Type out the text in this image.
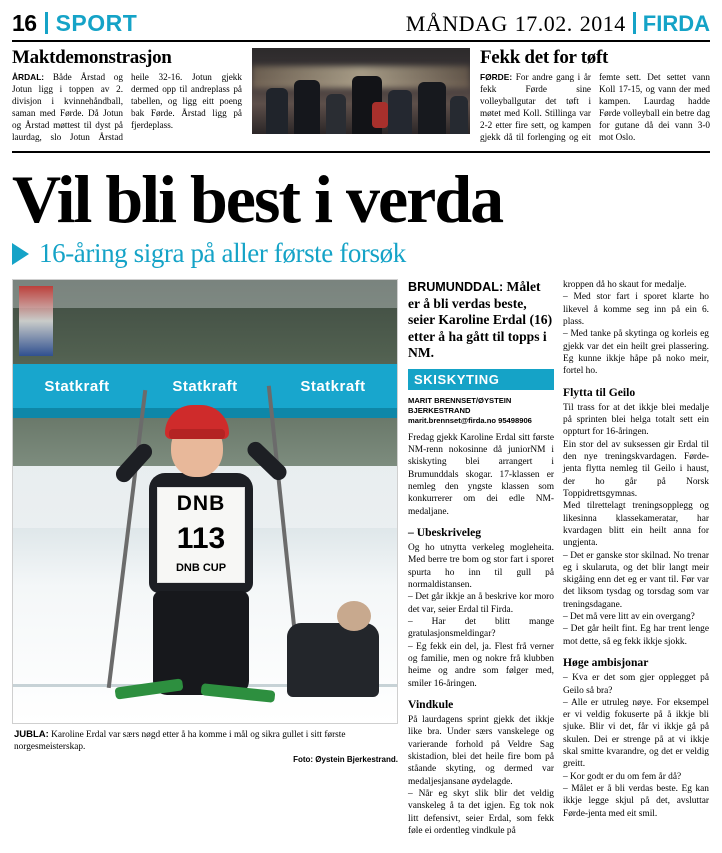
16 SPORT	MÅNDAG 17.02. 2014 FIRDA
Maktdemonstrasjon

ÅRDAL: Både Årstad og Jotun ligg i toppen av 2. divisjon i kvinnehåndball, saman med Førde. Då Jotun og Årstad møttest til dyst på laurdag, slo Jotun Årstad heile 32-16. Jotun gjekk dermed opp til andreplass på tabellen, og ligg eitt poeng bak Førde. Årstad ligg på fjerdeplass.

Fekk det for tøft

FØRDE: For andre gang i år fekk Førde sine volleyballgutar det tøft i møtet med Koll. Stillinga var 2-2 etter fire sett, og kampen gjekk då til forlenging og eit femte sett. Det settet vann Koll 17-15, og vann der med kampen. Laurdag hadde Førde volleyball ein betre dag for gutane då dei vann 3-0 mot Oslo.

Vil bli best i verda
16-åring sigra på aller første forsøk
Statkraft	Statkraft	Statkraft
DNB
113
DNB CUP
JUBLA: Karoline Erdal var særs nøgd etter å ha komme i mål og sikra gullet i sitt første norgesmeisterskap.
Foto: Øystein Bjerkestrand.
BRUMUNDDAL: Målet er å bli verdas beste, seier Karoline Erdal (16) etter å ha gått til topps i NM.
SKISKYTING
MARIT BRENNSET/ØYSTEIN BJERKESTRAND marit.brennset@firda.no 95498906

Fredag gjekk Karoline Erdal sitt første NM-renn nokosinne då juniorNM i skiskyting blei arrangert i Brumunddals skogar. 17-klassen er nemleg den yngste klassen som konkurrerer om dei edle NM-medaljane.

– Ubeskriveleg

Og ho utnytta verkeleg mogleheita. Med berre tre bom og stor fart i sporet spurta ho inn til gull på normaldistansen.

– Det går ikkje an å beskrive kor moro det var, seier Erdal til Firda.

– Har det blitt mange gratulasjonsmeldingar?

– Eg fekk ein del, ja. Flest frå verner og familie, men og nokre frå klubben heime og andre som følger med, smiler 16-åringen.

Vindkule

På laurdagens sprint gjekk det ikkje like bra. Under særs vanskelege og varierande forhold på Veldre Sag skistadion, blei det heile fire bom på ståande skyting, og dermed var medaljesjansane øydelagde.

– Når eg skyt slik blir det veldig vanskeleg å ta det igjen. Eg tok nok litt defensivt, seier Erdal, som fekk føle ei ordentleg vindkule på

kroppen då ho skaut for medalje.

– Med stor fart i sporet klarte ho likevel å komme seg inn på ein 6. plass.

– Med tanke på skytinga og korleis eg gjekk var det ein heilt grei plassering. Eg kunne ikkje håpe på noko meir, fortel ho.

Flytta til Geilo

Til trass for at det ikkje blei medalje på sprinten blei helga totalt sett ein oppturt for 16-åringen.

Ein stor del av suksessen gir Erdal til den nye treningskvardagen. Førde-jenta flytta nemleg til Geilo i haust, der ho går på Norsk Toppidrettsgymnas.

Med tilrettelagt treningsopplegg og likesinna klassekameratar, har kvardagen blitt ein heilt anna for ungjenta.

– Det er ganske stor skilnad. No trenar eg i skularuta, og det blir langt meir skigåing enn det eg er vant til. Før var det liksom tysdag og torsdag som var treningsdagane.

– Det må vere litt av ein overgang?

– Det går heilt fint. Eg har trent lenge mot dette, så eg fekk ikkje sjokk.

Høge ambisjonar

– Kva er det som gjer opplegget på Geilo så bra?

– Alle er utruleg nøye. For eksempel er vi veldig fokuserte på å ikkje bli sjuke. Blir vi det, får vi ikkje gå på skulen. Dei er strenge på at vi ikkje skal smitte kvarandre, og det er veldig greitt.

– Kor godt er du om fem år då?

– Målet er å bli verdas beste. Eg kan ikkje legge skjul på det, avsluttar Førde-jenta med eit smil.
